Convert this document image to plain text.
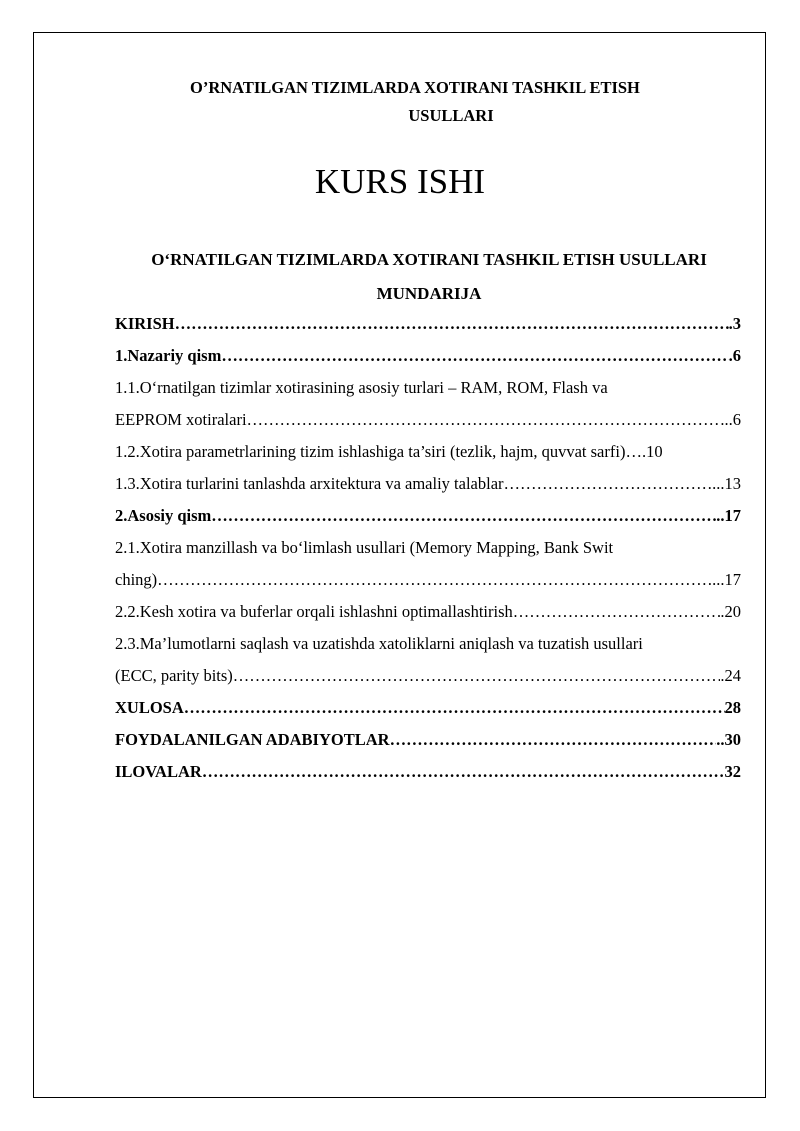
O’RNATILGAN TIZIMLARDA XOTIRANI TASHKIL ETISH
USULLARI
KURS ISHI
O‘RNATILGAN TIZIMLARDA XOTIRANI TASHKIL ETISH USULLARI
MUNDARIJA
KIRISH …………………………………………………………………………………………………………………………………………………………	.3
1.Nazariy qism …………………………………………………………………………………………………………………………………………………………	.6
1.1.O‘rnatilgan tizimlar xotirasining asosiy turlari – RAM, ROM, Flash va
EEPROM xotiralari …………………………………………………………………………………………………………………………………………………………	...6
1.2.Xotira parametrlarining tizim ishlashiga ta’siri (tezlik, hajm, quvvat sarfi) ….10
1.3.Xotira turlarini tanlashda arxitektura va amaliy talablar …………………………………………………………………………………………………………………………………………………………	...13
2.Asosiy qism …………………………………………………………………………………………………………………………………………………………	..17
2.1.Xotira manzillash va bo‘limlash usullari (Memory Mapping, Bank Swit
ching) …………………………………………………………………………………………………………………………………………………………	...17
2.2.Kesh xotira va buferlar orqali ishlashni optimallashtirish …………………………………………………………………………………………………………………………………………………………	.20
2.3.Ma’lumotlarni saqlash va uzatishda xatoliklarni aniqlash va tuzatish usullari
(ECC, parity bits) …………………………………………………………………………………………………………………………………………………………	.24
XULOSA …………………………………………………………………………………………………………………………………………………………	28
FOYDALANILGAN ADABIYOTLAR …………………………………………………………………………………………………………………………………………………………	..30
ILOVALAR …………………………………………………………………………………………………………………………………………………………	32
